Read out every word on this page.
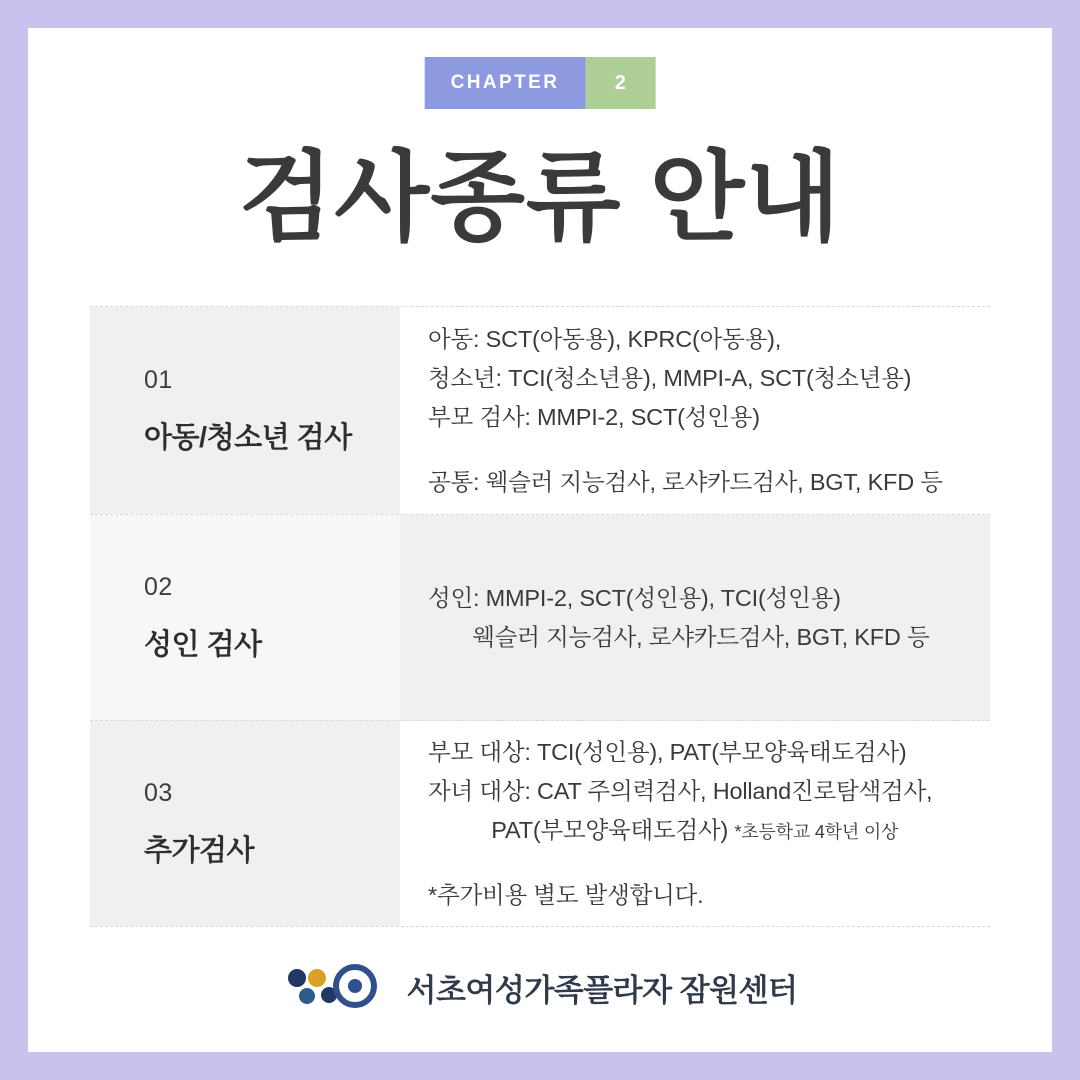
CHAPTER	2
검사종류 안내
01
아동/청소년 검사
아동: SCT(아동용), KPRC(아동용),
청소년: TCI(청소년용), MMPI-A, SCT(청소년용)
부모 검사: MMPI-2, SCT(성인용)
공통: 웩슬러 지능검사, 로샤카드검사, BGT, KFD 등
02
성인 검사
성인: MMPI-2, SCT(성인용), TCI(성인용)
웩슬러 지능검사, 로샤카드검사, BGT, KFD 등
03
추가검사
부모 대상: TCI(성인용), PAT(부모양육태도검사)
자녀 대상: CAT 주의력검사, Holland진로탐색검사,
PAT(부모양육태도검사) *초등학교 4학년 이상
*추가비용 별도 발생합니다.
서초여성가족플라자 잠원센터
